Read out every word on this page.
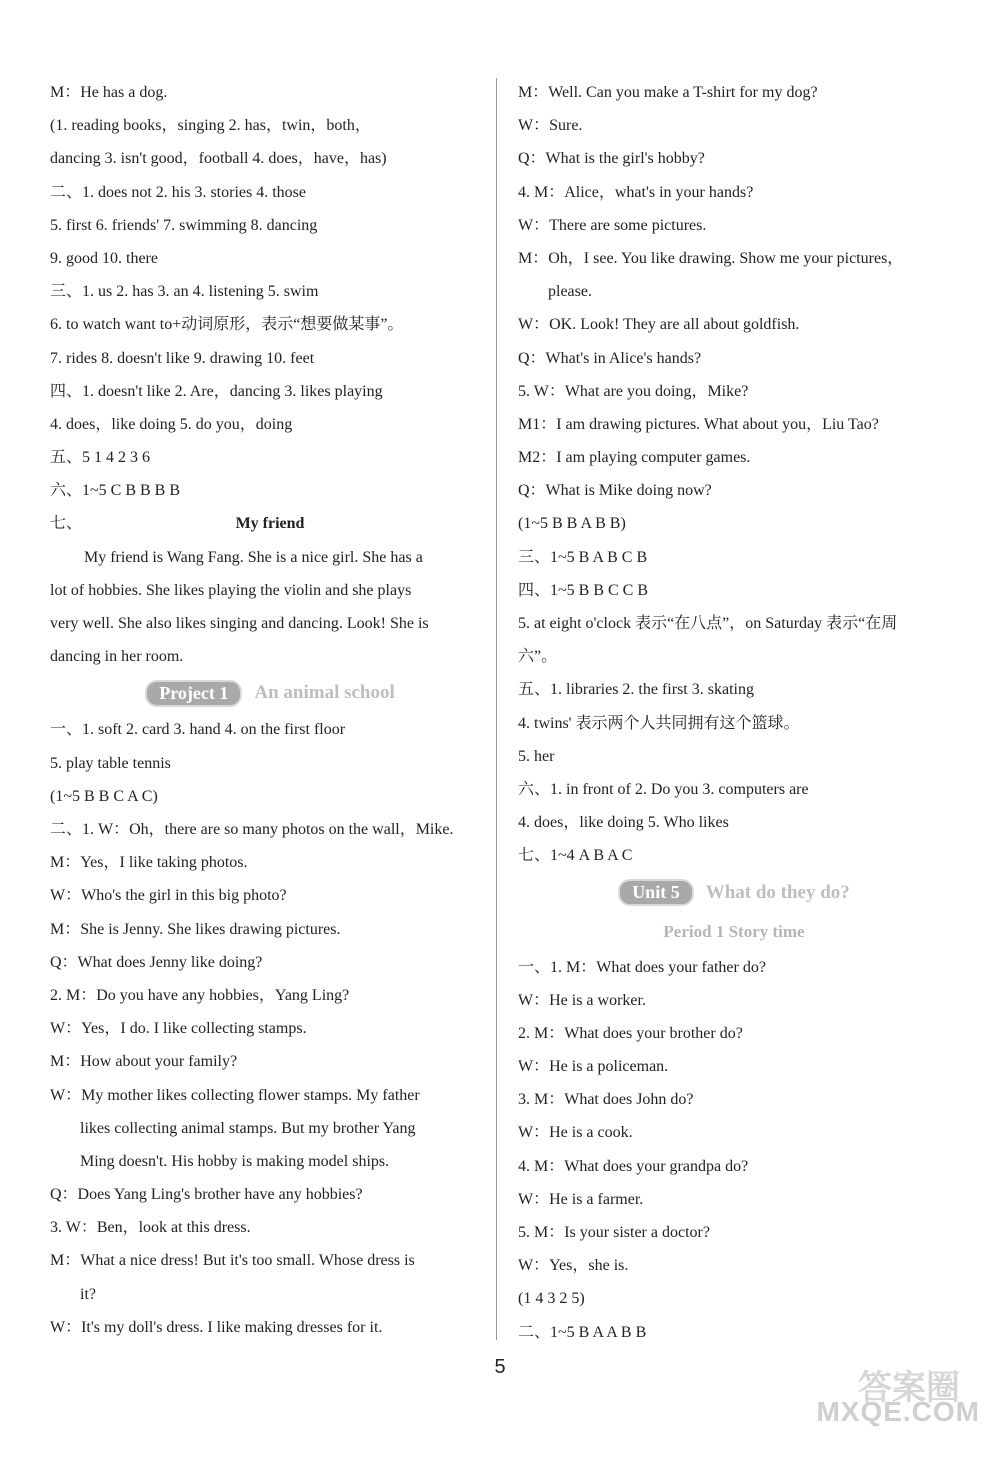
M：He has a dog.
(1. reading books，singing 2. has，twin，both，
dancing 3. isn't good，football 4. does，have，has)
二、1. does not 2. his 3. stories 4. those
5. first 6. friends' 7. swimming 8. dancing
9. good 10. there
三、1. us 2. has 3. an 4. listening 5. swim
6. to watch want to+动词原形，表示“想要做某事”。
7. rides 8. doesn't like 9. drawing 10. feet
四、1. doesn't like 2. Are，dancing 3. likes playing
4. does，like doing 5. do you，doing
五、5 1 4 2 3 6
六、1~5 C B B B B
七、	My friend
My friend is Wang Fang. She is a nice girl. She has a
lot of hobbies. She likes playing the violin and she plays
very well. She also likes singing and dancing. Look! She is
dancing in her room.
Project 1	An animal school
一、1. soft 2. card 3. hand 4. on the first floor
5. play table tennis
(1~5 B B C A C)
二、1. W：Oh，there are so many photos on the wall，Mike.
M：Yes，I like taking photos.
W：Who's the girl in this big photo?
M：She is Jenny. She likes drawing pictures.
Q：What does Jenny like doing?
2. M：Do you have any hobbies，Yang Ling?
W：Yes，I do. I like collecting stamps.
M：How about your family?
W：My mother likes collecting flower stamps. My father
likes collecting animal stamps. But my brother Yang
Ming doesn't. His hobby is making model ships.
Q：Does Yang Ling's brother have any hobbies?
3. W：Ben，look at this dress.
M：What a nice dress! But it's too small. Whose dress is
it?
W：It's my doll's dress. I like making dresses for it.
M：Well. Can you make a T-shirt for my dog?
W：Sure.
Q：What is the girl's hobby?
4. M：Alice，what's in your hands?
W：There are some pictures.
M：Oh，I see. You like drawing. Show me your pictures，
please.
W：OK. Look! They are all about goldfish.
Q：What's in Alice's hands?
5. W：What are you doing，Mike?
M1：I am drawing pictures. What about you，Liu Tao?
M2：I am playing computer games.
Q：What is Mike doing now?
(1~5 B B A B B)
三、1~5 B A B C B
四、1~5 B B C C B
5. at eight o'clock 表示“在八点”，on Saturday 表示“在周
六”。
五、1. libraries 2. the first 3. skating
4. twins' 表示两个人共同拥有这个篮球。
5. her
六、1. in front of 2. Do you 3. computers are
4. does，like doing 5. Who likes
七、1~4 A B A C
Unit 5	What do they do?
Period 1 Story time
一、1. M：What does your father do?
W：He is a worker.
2. M：What does your brother do?
W：He is a policeman.
3. M：What does John do?
W：He is a cook.
4. M：What does your grandpa do?
W：He is a farmer.
5. M：Is your sister a doctor?
W：Yes，she is.
(1 4 3 2 5)
二、1~5 B A A B B
5
答案圈
MXQE.COM
